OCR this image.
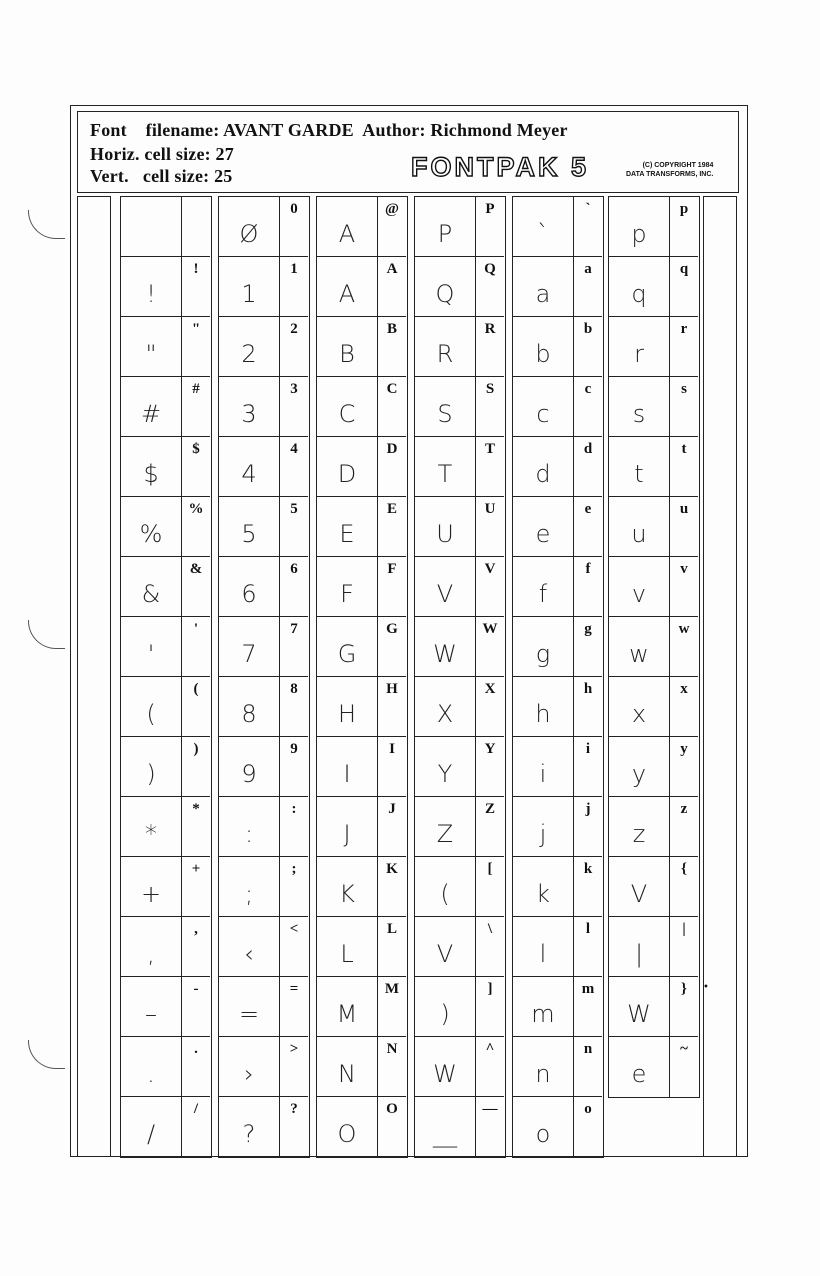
Font filename: AVANT GARDE Author: Richmond Meyer
Horiz. cell size: 27
Vert.   cell size: 25	FONTPAK 5	(C) COPYRIGHT 1984
DATA TRANSFORMS, INC.
!
!
"
"
#
#
$
$
%
%
&
&
'
'
(
(
)
)
*
*
+
+
,
,
–
-
.
.
/
/
Ø
0
1
1
2
2
3
3
4
4
5
5
6
6
7
7
8
8
9
9
:
:
;
;
‹
<
=
=
›
>
?
?
A
@
A
A
B
B
C
C
D
D
E
E
F
F
G
G
H
H
I
I
J
J
K
K
L
L
M
M
N
N
O
O
P
P
Q
Q
R
R
S
S
T
T
U
U
V
V
W
W
X
X
Y
Y
Z
Z
(
[
V
\
)
]
W
^
__
—
`
`
a
a
b
b
c
c
d
d
e
e
f
f
g
g
h
h
i
i
j
j
k
k
l
l
m
m
n
n
o
o
p
p
q
q
r
r
s
s
t
t
u
u
v
v
w
w
x
x
y
y
z
z
V
{
|
|
W
}
e
~
•
